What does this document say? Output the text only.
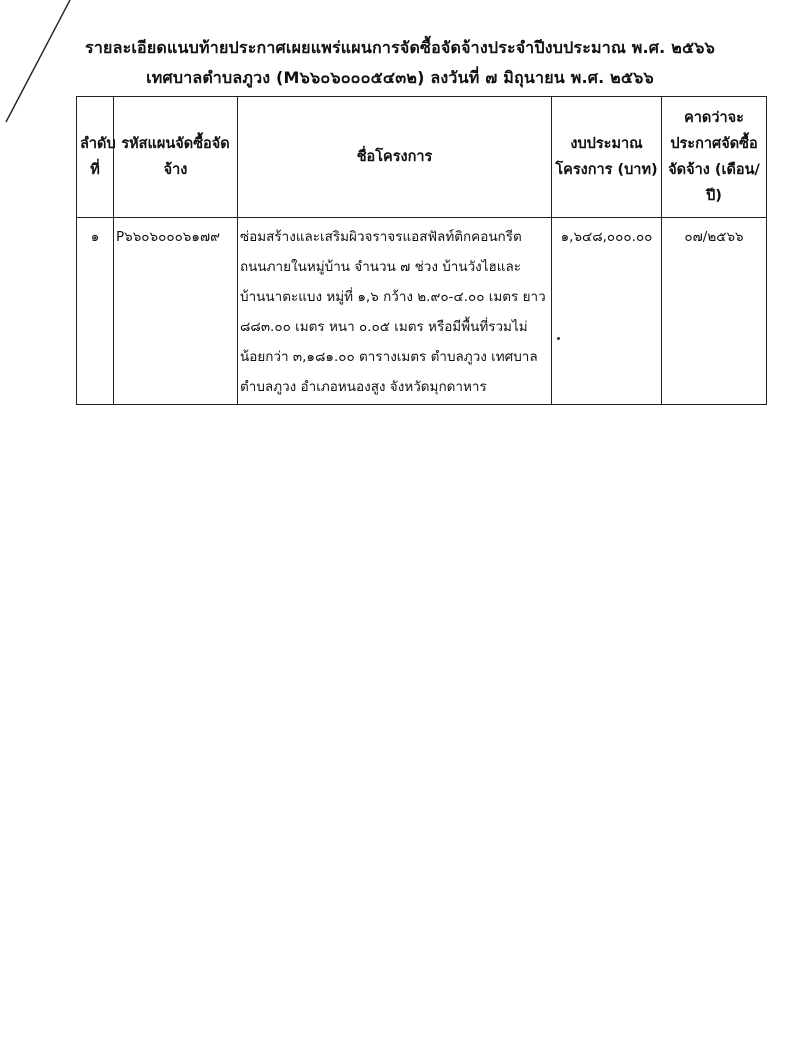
รายละเอียดแนบท้ายประกาศเผยแพร่แผนการจัดซื้อจัดจ้างประจำปีงบประมาณ พ.ศ. ๒๕๖๖
เทศบาลตำบลภูวง (M๖๖๐๖๐๐๐๕๔๓๒) ลงวันที่ ๗ มิถุนายน พ.ศ. ๒๕๖๖
ลำดับที่	รหัสแผนจัดซื้อจัดจ้าง	ชื่อโครงการ	งบประมาณโครงการ (บาท)	คาดว่าจะประกาศจัดซื้อจัดจ้าง (เดือน/ปี)
๑	P๖๖๐๖๐๐๐๖๑๗๙	ซ่อมสร้างและเสริมผิวจราจรแอสฟัลท์ติกคอนกรีต ถนนภายในหมู่บ้าน จำนวน ๗ ช่วง บ้านวังไฮและบ้านนาตะแบง หมู่ที่ ๑,๖ กว้าง ๒.๙๐-๔.๐๐ เมตร ยาว ๘๘๓.๐๐ เมตร หนา ๐.๐๕ เมตร หรือมีพื้นที่รวมไม่น้อยกว่า ๓,๑๘๑.๐๐ ตารางเมตร ตำบลภูวง เทศบาลตำบลภูวง อำเภอหนองสูง จังหวัดมุกดาหาร	๑,๖๔๘,๐๐๐.๐๐	๐๗/๒๕๖๖
